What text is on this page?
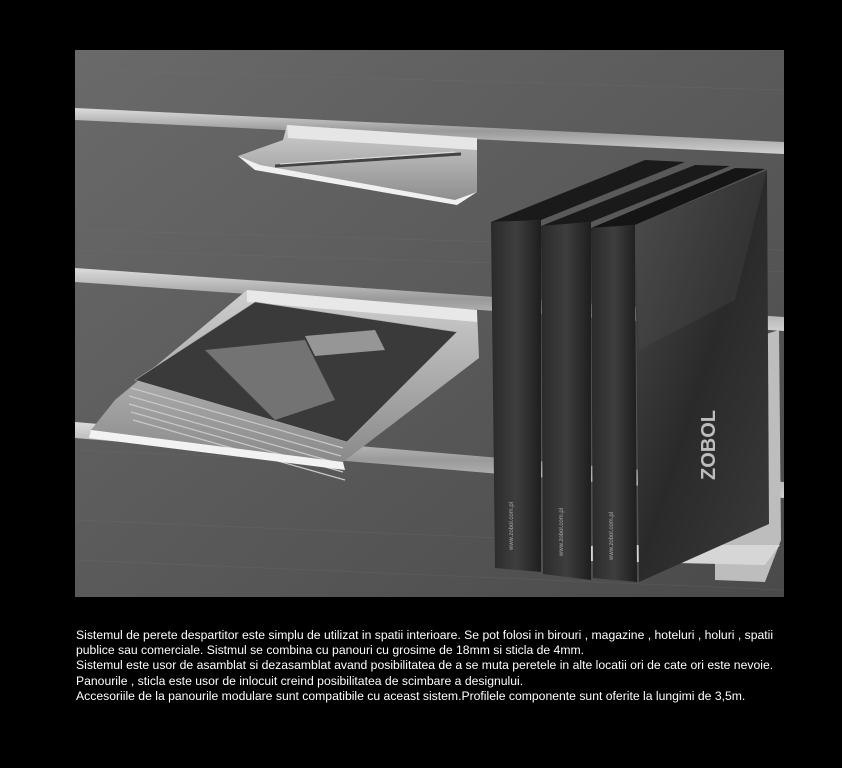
ZOBOL
www.zobol.com.pl	www.zobol.com.pl	www.zobol.com.pl

Sistemul de perete despartitor este simplu de utilizat in spatii interioare. Se pot folosi in birouri , magazine , hoteluri , holuri , spatii publice sau comerciale. Sistmul se combina cu panouri cu grosime de 18mm si sticla de 4mm.

Sistemul este usor de asamblat si dezasamblat avand posibilitatea de a se muta peretele in alte locatii ori de cate ori este nevoie. Panourile , sticla este usor de inlocuit creind posibilitatea de scimbare a designului.

Accesoriile de la panourile modulare sunt compatibile cu aceast sistem.Profilele componente sunt oferite la lungimi de 3,5m.
